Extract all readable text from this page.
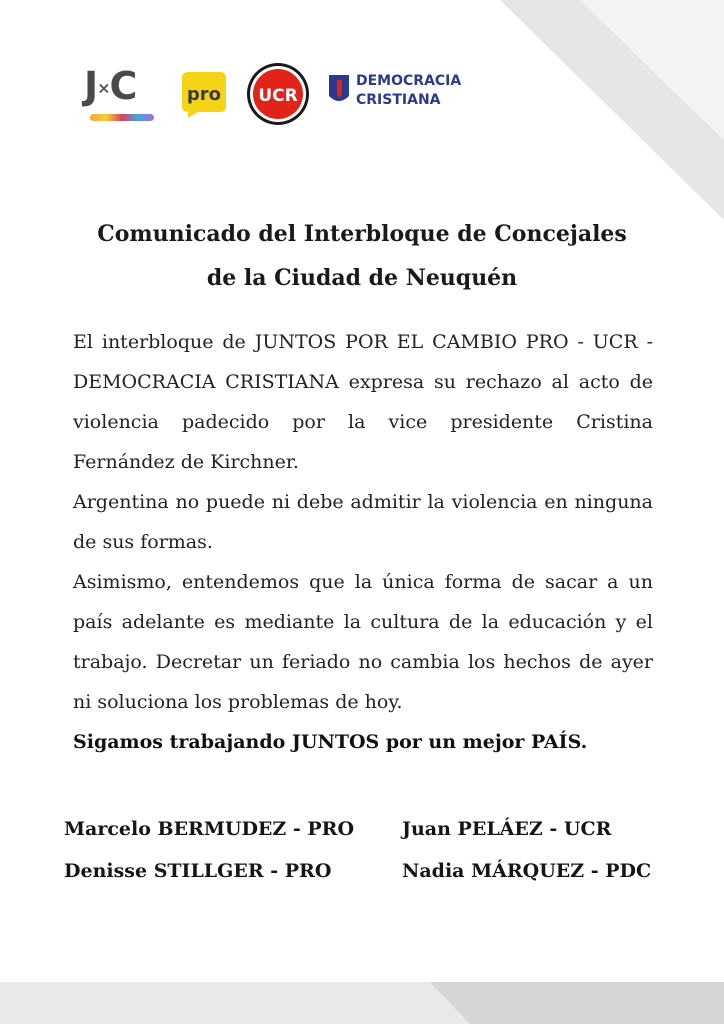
J×C	pro UCR
DEMOCRACIA
CRISTIANA
Comunicado del Interbloque de Concejales
de la Ciudad de Neuquén

El interbloque de JUNTOS POR EL CAMBIO PRO - UCR - DEMOCRACIA CRISTIANA expresa su rechazo al acto de violencia padecido por la vice presidente Cristina Fernández de Kirchner.

Argentina no puede ni debe admitir la violencia en ninguna de sus formas.

Asimismo, entendemos que la única forma de sacar a un país adelante es mediante la cultura de la educación y el trabajo. Decretar un feriado no cambia los hechos de ayer ni soluciona los problemas de hoy.

Sigamos trabajando JUNTOS por un mejor PAÍS.

Marcelo BERMUDEZ - PRO
Denisse STILLGER - PRO
Juan PELÁEZ - UCR
Nadia MÁRQUEZ - PDC
